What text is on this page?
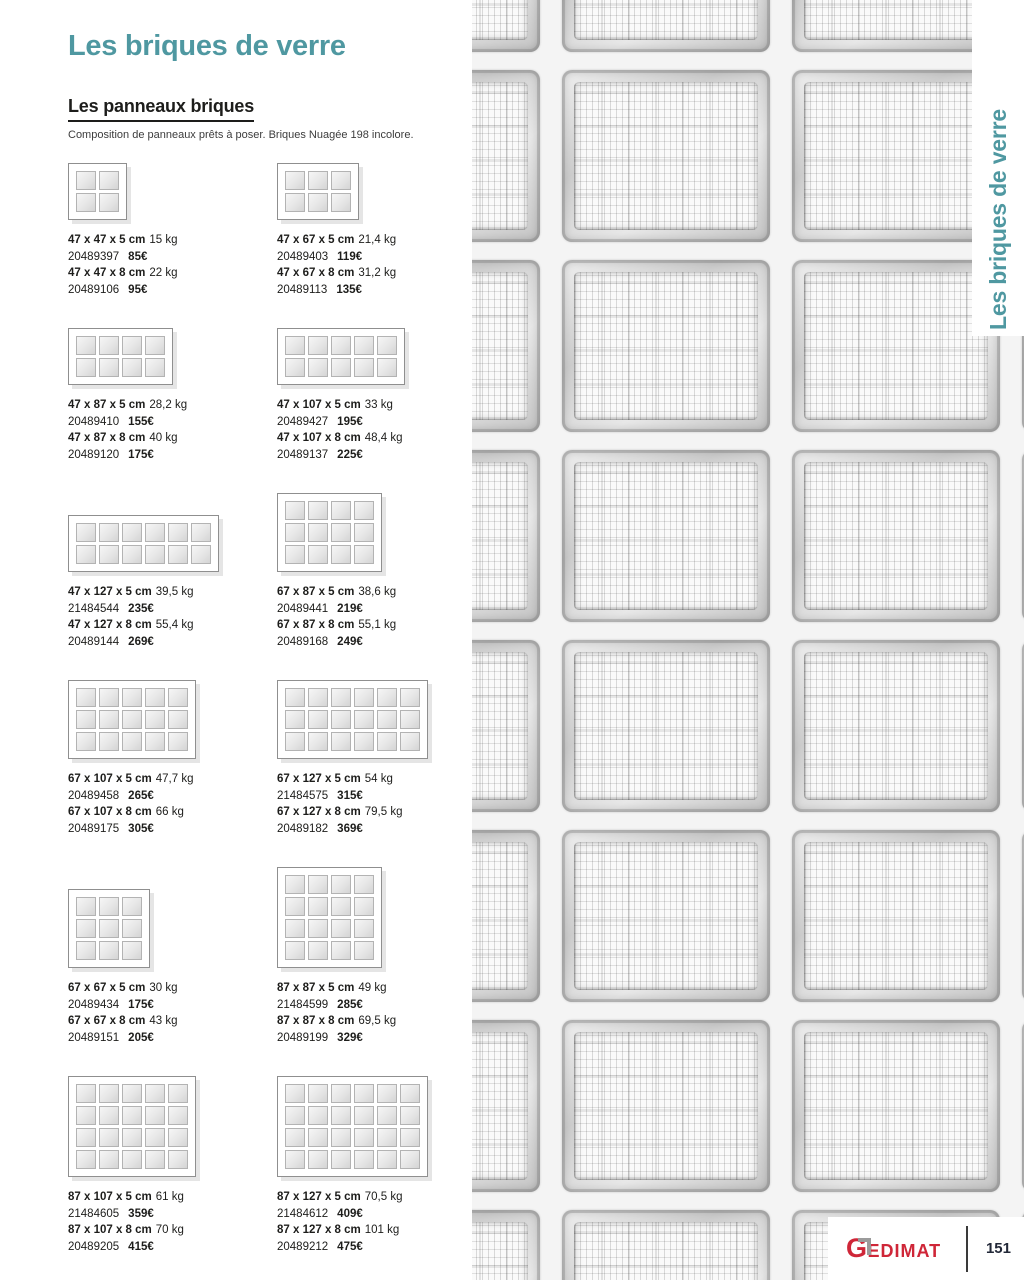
Les briques de verre
Les briques de verre
Les panneaux briques
Composition de panneaux prêts à poser. Briques Nuagée 198 incolore.
47 x 47 x 5 cm 15 kg
20489397 85€
47 x 47 x 8 cm 22 kg
20489106 95€
47 x 67 x 5 cm 21,4 kg
20489403 119€
47 x 67 x 8 cm 31,2 kg
20489113 135€
47 x 87 x 5 cm 28,2 kg
20489410 155€
47 x 87 x 8 cm 40 kg
20489120 175€
47 x 107 x 5 cm 33 kg
20489427 195€
47 x 107 x 8 cm 48,4 kg
20489137 225€
47 x 127 x 5 cm 39,5 kg
21484544 235€
47 x 127 x 8 cm 55,4 kg
20489144 269€
67 x 87 x 5 cm 38,6 kg
20489441 219€
67 x 87 x 8 cm 55,1 kg
20489168 249€
67 x 107 x 5 cm 47,7 kg
20489458 265€
67 x 107 x 8 cm 66 kg
20489175 305€
67 x 127 x 5 cm 54 kg
21484575 315€
67 x 127 x 8 cm 79,5 kg
20489182 369€
67 x 67 x 5 cm 30 kg
20489434 175€
67 x 67 x 8 cm 43 kg
20489151 205€
87 x 87 x 5 cm 49 kg
21484599 285€
87 x 87 x 8 cm 69,5 kg
20489199 329€
87 x 107 x 5 cm 61 kg
21484605 359€
87 x 107 x 8 cm 70 kg
20489205 415€
87 x 127 x 5 cm 70,5 kg
21484612 409€
87 x 127 x 8 cm 101 kg
20489212 475€	GEDIMAT	151
